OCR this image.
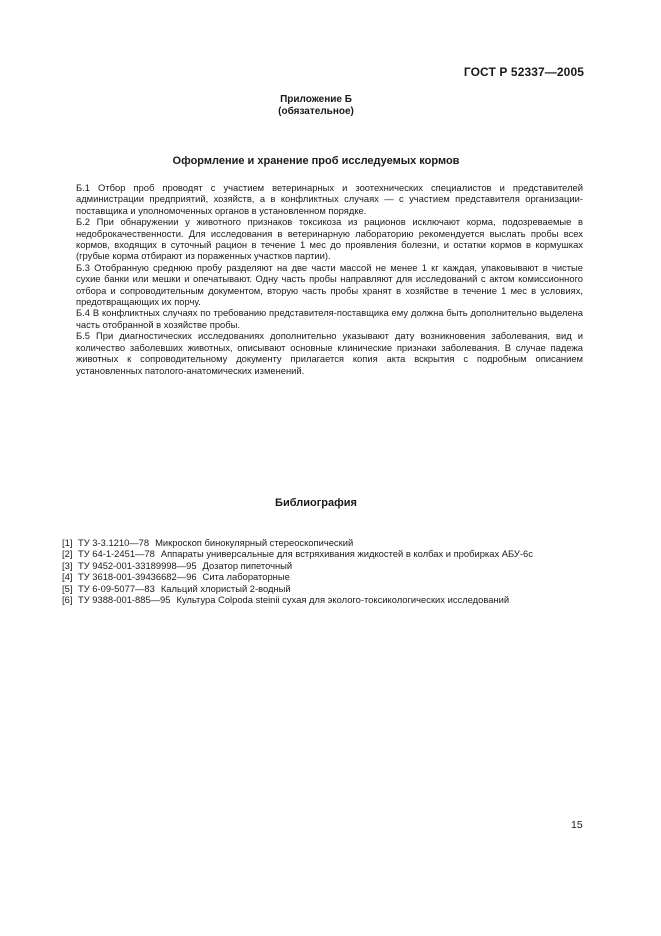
ГОСТ Р 52337—2005
Приложение Б
(обязательное)
Оформление и хранение проб исследуемых кормов

Б.1 Отбор проб проводят с участием ветеринарных и зоотехнических специалистов и представителей администрации предприятий, хозяйств, а в конфликтных случаях — с участием представителя организации-поставщика и уполномоченных органов в установленном порядке.

Б.2 При обнаружении у животного признаков токсикоза из рационов исключают корма, подозреваемые в недоброкачественности. Для исследования в ветеринарную лабораторию рекомендуется выслать пробы всех кормов, входящих в суточный рацион в течение 1 мес до проявления болезни, и остатки кормов в кормушках (грубые корма отбирают из пораженных участков партии).

Б.3 Отобранную среднюю пробу разделяют на две части массой не менее 1 кг каждая, упаковывают в чистые сухие банки или мешки и опечатывают. Одну часть пробы направляют для исследований с актом комиссионного отбора и сопроводительным документом, вторую часть пробы хранят в хозяйстве в течение 1 мес в условиях, предотвращающих их порчу.

Б.4 В конфликтных случаях по требованию представителя-поставщика ему должна быть дополнительно выделена часть отобранной в хозяйстве пробы.

Б.5 При диагностических исследованиях дополнительно указывают дату возникновения заболевания, вид и количество заболевших животных, описывают основные клинические признаки заболевания. В случае падежа животных к сопроводительному документу прилагается копия акта вскрытия с подробным описанием установленных патолого-анатомических изменений.

Библиография
[1] ТУ 3-3.1210—78 Микроскоп бинокулярный стереоскопический
[2] ТУ 64-1-2451—78 Аппараты универсальные для встряхивания жидкостей в колбах и пробирках АБУ-6с
[3] ТУ 9452-001-33189998—95 Дозатор пипеточный
[4] ТУ 3618-001-39436682—96 Сита лабораторные
[5] ТУ 6-09-5077—83 Кальций хлористый 2-водный
[6] ТУ 9388-001-885—95 Культура Colpoda steinii сухая для эколого-токсикологических исследований
15
